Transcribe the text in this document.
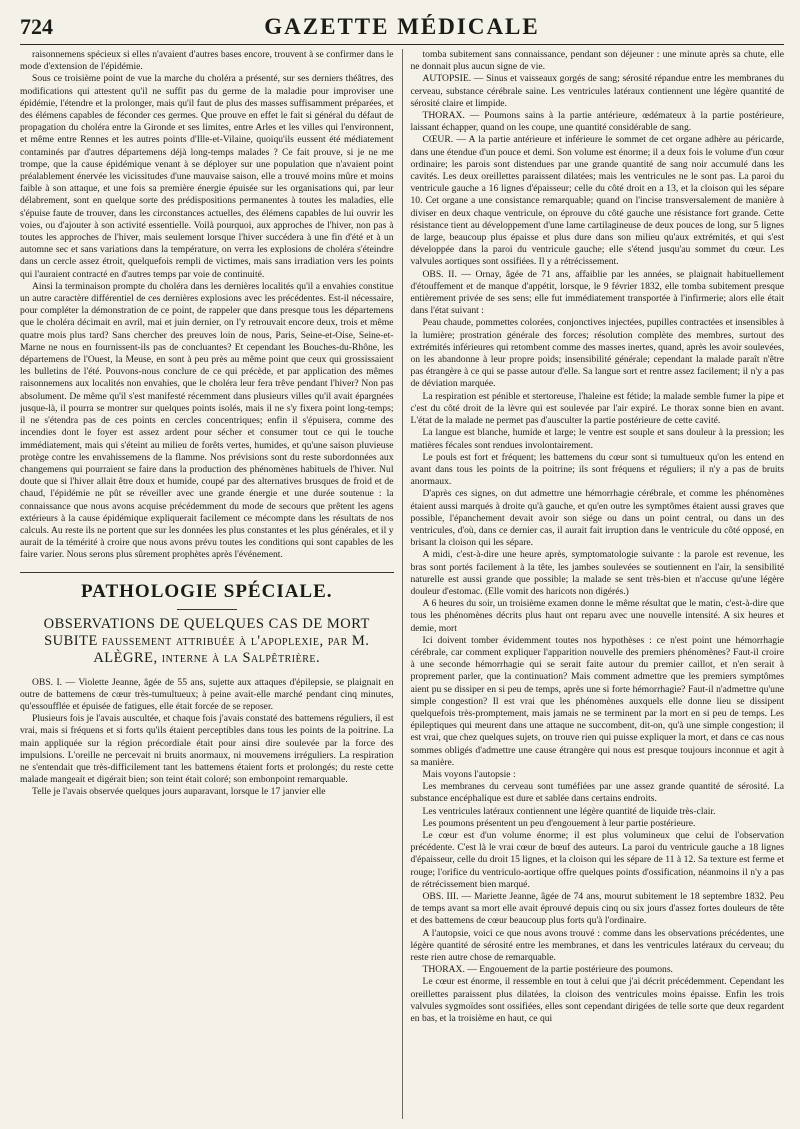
GAZETTE MÉDICALE
724

raisonnemens spécieux si elles n'avaient d'autres bases encore, trouvent à se confirmer dans le mode d'extension de l'épidémie.

Sous ce troisième point de vue la marche du choléra a présenté, sur ses derniers théâtres, des modifications qui attestent qu'il ne suffit pas du germe de la maladie pour improviser une épidémie, l'étendre et la prolonger, mais qu'il faut de plus des masses suffisamment préparées, et des élémens capables de féconder ces germes. Que prouve en effet le fait si général du défaut de propagation du choléra entre la Gironde et ses limites, entre Arles et les villes qui l'environnent, et même entre Rennes et les autres points d'Ille-et-Vilaine, quoiqu'ils eussent été médiatement contaminés par d'autres départemens déjà long-temps malades ? Ce fait prouve, si je ne me trompe, que la cause épidémique venant à se déployer sur une population que n'avaient point préalablement énervée les vicissitudes d'une mauvaise saison, elle a trouvé moins mûre et moins faible à son attaque, et une fois sa première énergie épuisée sur les organisations qui, par leur délabrement, sont en quelque sorte des prédispositions permanentes à toutes les maladies, elle s'épuise faute de trouver, dans les circonstances actuelles, des élémens capables de lui ouvrir les voies, ou d'ajouter à son activité essentielle. Voilà pourquoi, aux approches de l'hiver, non pas à toutes les approches de l'hiver, mais seulement lorsque l'hiver succédera à une fin d'été et à un automne sec et sans variations dans la température, on verra les explosions de choléra s'éteindre dans un cercle assez étroit, quelquefois rempli de victimes, mais sans irradiation vers les points qui l'auraient contracté en d'autres temps par voie de continuité.

Ainsi la terminaison prompte du choléra dans les dernières localités qu'il a envahies constitue un autre caractère différentiel de ces dernières explosions avec les précédentes. Est-il nécessaire, pour compléter la démonstration de ce point, de rappeler que dans presque tous les départemens que le choléra décimait en avril, mai et juin dernier, on l'y retrouvait encore deux, trois et même quatre mois plus tard? Sans chercher des preuves loin de nous, Paris, Seine-et-Oise, Seine-et-Marne ne nous en fournissent-ils pas de concluantes? Et cependant les Bouches-du-Rhône, les départemens de l'Ouest, la Meuse, en sont à peu près au même point que ceux qui grossissaient les bulletins de l'été. Pouvons-nous conclure de ce qui précède, et par application des mêmes raisonnemens aux localités non envahies, que le choléra leur fera trêve pendant l'hiver? Non pas absolument. De même qu'il s'est manifesté récemment dans plusieurs villes qu'il avait épargnées jusque-là, il pourra se montrer sur quelques points isolés, mais il ne s'y fixera point long-temps; il ne s'étendra pas de ces points en cercles concentriques; enfin il s'épuisera, comme des incendies dont le foyer est assez ardent pour sécher et consumer tout ce qui le touche immédiatement, mais qui s'éteint au milieu de forêts vertes, humides, et qu'une saison pluvieuse protège contre les envahissemens de la flamme. Nos prévisions sont du reste subordonnées aux changemens qui pourraient se faire dans la production des phénomènes habituels de l'hiver. Nul doute que si l'hiver allait être doux et humide, coupé par des alternatives brusques de froid et de chaud, l'épidémie ne pût se réveiller avec une grande énergie et une durée soutenue : la connaissance que nous avons acquise précédemment du mode de secours que prêtent les agens extérieurs à la cause épidémique expliquerait facilement ce mécompte dans les résultats de nos calculs. Au reste ils ne portent que sur les données les plus constantes et les plus générales, et il y aurait de la témérité à croire que nous avons prévu toutes les conditions qui sont capables de les faire varier. Nous serons plus sûrement prophètes après l'événement.

PATHOLOGIE SPÉCIALE.
OBSERVATIONS DE QUELQUES CAS DE MORT SUBITE faussement attribuée à l'apoplexie, par M. ALÈGRE, interne à la Salpêtrière.

OBS. I. — Violette Jeanne, âgée de 55 ans, sujette aux attaques d'épilepsie, se plaignait en outre de battemens de cœur très-tumultueux; à peine avait-elle marché pendant cinq minutes, qu'essoufflée et épuisée de fatigues, elle était forcée de se reposer.

Plusieurs fois je l'avais auscultée, et chaque fois j'avais constaté des battemens réguliers, il est vrai, mais si fréquens et si forts qu'ils étaient perceptibles dans tous les points de la poitrine. La main appliquée sur la région précordiale était pour ainsi dire soulevée par la force des impulsions. L'oreille ne percevait ni bruits anormaux, ni mouvemens irréguliers. La respiration ne s'entendait que très-difficilement tant les battemens étaient forts et prolongés; du reste cette malade mangeait et digérait bien; son teint était coloré; son embonpoint remarquable.

Telle je l'avais observée quelques jours auparavant, lorsque le 17 janvier elle

tomba subitement sans connaissance, pendant son déjeuner : une minute après sa chute, elle ne donnait plus aucun signe de vie.

AUTOPSIE. — Sinus et vaisseaux gorgés de sang; sérosité répandue entre les membranes du cerveau, substance cérébrale saine. Les ventricules latéraux contiennent une légère quantité de sérosité claire et limpide.

THORAX. — Poumons sains à la partie antérieure, œdémateux à la partie postérieure, laissant échapper, quand on les coupe, une quantité considérable de sang.

CŒUR. — A la partie antérieure et inférieure le sommet de cet organe adhère au péricarde, dans une étendue d'un pouce et demi. Son volume est énorme; il a deux fois le volume d'un cœur ordinaire; les parois sont distendues par une grande quantité de sang noir accumulé dans les cavités. Les deux oreillettes paraissent dilatées; mais les ventricules ne le sont pas. La paroi du ventricule gauche a 16 lignes d'épaisseur; celle du côté droit en a 13, et la cloison qui les sépare 10. Cet organe a une consistance remarquable; quand on l'incise transversalement de manière à diviser en deux chaque ventricule, on éprouve du côté gauche une résistance fort grande. Cette résistance tient au développement d'une lame cartilagineuse de deux pouces de long, sur 5 lignes de large, beaucoup plus épaisse et plus dure dans son milieu qu'aux extrémités, et qui s'est développée dans la paroi du ventricule gauche; elle s'étend jusqu'au sommet du cœur. Les valvules aortiques sont ossifiées. Il y a rétrécissement.

OBS. II. — Ornay, âgée de 71 ans, affaiblie par les années, se plaignait habituellement d'étouffement et de manque d'appétit, lorsque, le 9 février 1832, elle tomba subitement presque entièrement privée de ses sens; elle fut immédiatement transportée à l'infirmerie; alors elle était dans l'état suivant :

Peau chaude, pommettes colorées, conjonctives injectées, pupilles contractées et insensibles à la lumière; prostration générale des forces; résolution complète des membres, surtout des extrémités inférieures qui retombent comme des masses inertes, quand, après les avoir soulevées, on les abandonne à leur propre poids; insensibilité générale; cependant la malade paraît n'être pas étrangère à ce qui se passe autour d'elle. Sa langue sort et rentre assez facilement; il n'y a pas de déviation marquée.

La respiration est pénible et stertoreuse, l'haleine est fétide; la malade semble fumer la pipe et c'est du côté droit de la lèvre qui est soulevée par l'air expiré. Le thorax sonne bien en avant. L'état de la malade ne permet pas d'ausculter la partie postérieure de cette cavité.

La langue est blanche, humide et large; le ventre est souple et sans douleur à la pression; les matières fécales sont rendues involontairement.

Le pouls est fort et fréquent; les battemens du cœur sont si tumultueux qu'on les entend en avant dans tous les points de la poitrine; ils sont fréquens et réguliers; il n'y a pas de bruits anormaux.

D'après ces signes, on dut admettre une hémorrhagie cérébrale, et comme les phénomènes étaient aussi marqués à droite qu'à gauche, et qu'en outre les symptômes étaient aussi graves que possible, l'épanchement devait avoir son siége ou dans un point central, ou dans un des ventricules, d'où, dans ce dernier cas, il aurait fait irruption dans le ventricule du côté opposé, en brisant la cloison qui les sépare.

A midi, c'est-à-dire une heure après, symptomatologie suivante : la parole est revenue, les bras sont portés facilement à la tête, les jambes soulevées se soutiennent en l'air, la sensibilité naturelle est aussi grande que possible; la malade se sent très-bien et n'accuse qu'une légère douleur d'estomac. (Elle vomit des haricots non digérés.)

A 6 heures du soir, un troisième examen donne le même résultat que le matin, c'est-à-dire que tous les phénomènes décrits plus haut ont reparu avec une nouvelle intensité. A six heures et demie, mort

Ici doivent tomber évidemment toutes nos hypothèses : ce n'est point une hémorrhagie cérébrale, car comment expliquer l'apparition nouvelle des premiers phénomènes? Faut-il croire à une seconde hémorrhagie qui se serait faite autour du premier caillot, et n'en serait à proprement parler, que la continuation? Mais comment admettre que les premiers symptômes aient pu se dissiper en si peu de temps, après une si forte hémorrhagie? Faut-il n'admettre qu'une simple congestion? Il est vrai que les phénomènes auxquels elle donne lieu se dissipent quelquefois très-promptement, mais jamais ne se terminent par la mort en si peu de temps. Les épileptiques qui meurent dans une attaque ne succombent, dit-on, qu'à une simple congestion; il est vrai, que chez quelques sujets, on trouve rien qui puisse expliquer la mort, et dans ce cas nous sommes obligés d'admettre une cause étrangère qui nous est presque toujours inconnue et agit à sa manière.

Mais voyons l'autopsie :

Les membranes du cerveau sont tuméfiées par une assez grande quantité de sérosité. La substance encéphalique est dure et sablée dans certains endroits.

Les ventricules latéraux contiennent une légère quantité de liquide très-clair.

Les poumons présentent un peu d'engouement à leur partie postérieure.

Le cœur est d'un volume énorme; il est plus volumineux que celui de l'observation précédente. C'est là le vrai cœur de bœuf des auteurs. La paroi du ventricule gauche a 18 lignes d'épaisseur, celle du droit 15 lignes, et la cloison qui les sépare de 11 à 12. Sa texture est ferme et rouge; l'orifice du ventriculo-aortique offre quelques points d'ossification, néanmoins il n'y a pas de rétrécissement bien marqué.

OBS. III. — Mariette Jeanne, âgée de 74 ans, mourut subitement le 18 septembre 1832. Peu de temps avant sa mort elle avait éprouvé depuis cinq ou six jours d'assez fortes douleurs de tête et des battemens de cœur beaucoup plus forts qu'à l'ordinaire.

A l'autopsie, voici ce que nous avons trouvé : comme dans les observations précédentes, une légère quantité de sérosité entre les membranes, et dans les ventricules latéraux du cerveau; du reste rien autre chose de remarquable.

THORAX. — Engouement de la partie postérieure des poumons.

Le cœur est énorme, il ressemble en tout à celui que j'ai décrit précédemment. Cependant les oreillettes paraissent plus dilatées, la cloison des ventricules moins épaisse. Enfin les trois valvules sygmoïdes sont ossifiées, elles sont cependant dirigées de telle sorte que deux regardent en bas, et la troisième en haut, ce qui
